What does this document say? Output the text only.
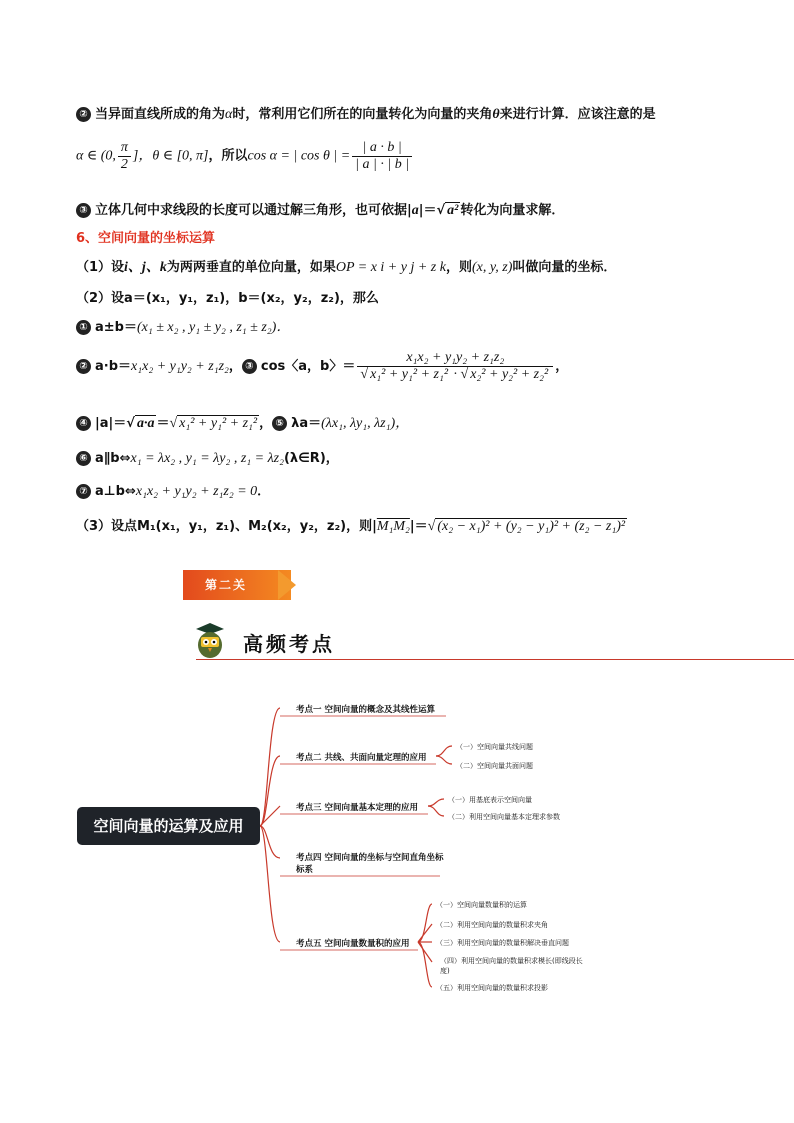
② 当异面直线所成的角为α时，常利用它们所在的向量转化为向量的夹角θ来进行计算．应该注意的是
α ∈ (0, $\frac{\pi}{2}$ ]，θ ∈ [0, π]，所以cos α = | cos θ | = $\frac{| a \cdot b |}{| a | \cdot | b |}$
③ 立体几何中求线段的长度可以通过解三角形，也可依据|a|＝√ a² 转化为向量求解．
6、空间向量的坐标运算
（1）设i、j、k为两两垂直的单位向量，如果OP = x i + y j + z k，则(x, y, z)叫做向量的坐标．
（2）设a＝(x₁，y₁，z₁)，b＝(x₂，y₂，z₂)，那么
① a±b＝(x₁ ± x₂ , y₁ ± y₂ , z₁ ± z₂)．
② a·b＝x₁x₂ + y₁y₂ + z₁z₂， ③ cos〈a，b〉＝ $\frac{\text{x₁x₂ + y₁y₂ + z₁z₂}}{\text{√ x₁² + y₁² + z₁² · √ x₂² + y₂² + z₂²}}$ ，
④ |a|＝√ a·a ＝√ x₁² + y₁² + z₁² ， ⑤ λa＝(λx₁, λy₁, λz₁)，
⑥ a∥b⇔x₁ = λx₂ , y₁ = λy₂ , z₁ = λz₂(λ∈R)，
⑦ a⊥b⇔x₁x₂ + y₁y₂ + z₁z₂ = 0．
（3）设点M₁(x₁，y₁，z₁)、M₂(x₂，y₂，z₂)，则|M₁M₂|＝√ (x₂ − x₁)² + (y₂ − y₁)² + (z₂ − z₁)²
第二关
高频考点
空间向量的运算及应用
考点一 空间向量的概念及其线性运算
考点二 共线、共面向量定理的应用
（一）空间向量共线问题
（二）空间向量共面问题
考点三 空间向量基本定理的应用
（一）用基底表示空间向量
（二）利用空间向量基本定理求参数
考点四 空间向量的坐标与空间直角坐标
标系
考点五 空间向量数量积的应用
（一）空间向量数量积的运算
（二）利用空间向量的数量积求夹角
（三）利用空间向量的数量积解决垂直问题
（四）利用空间向量的数量积求模长(即线段长
度)
（五）利用空间向量的数量积求投影
